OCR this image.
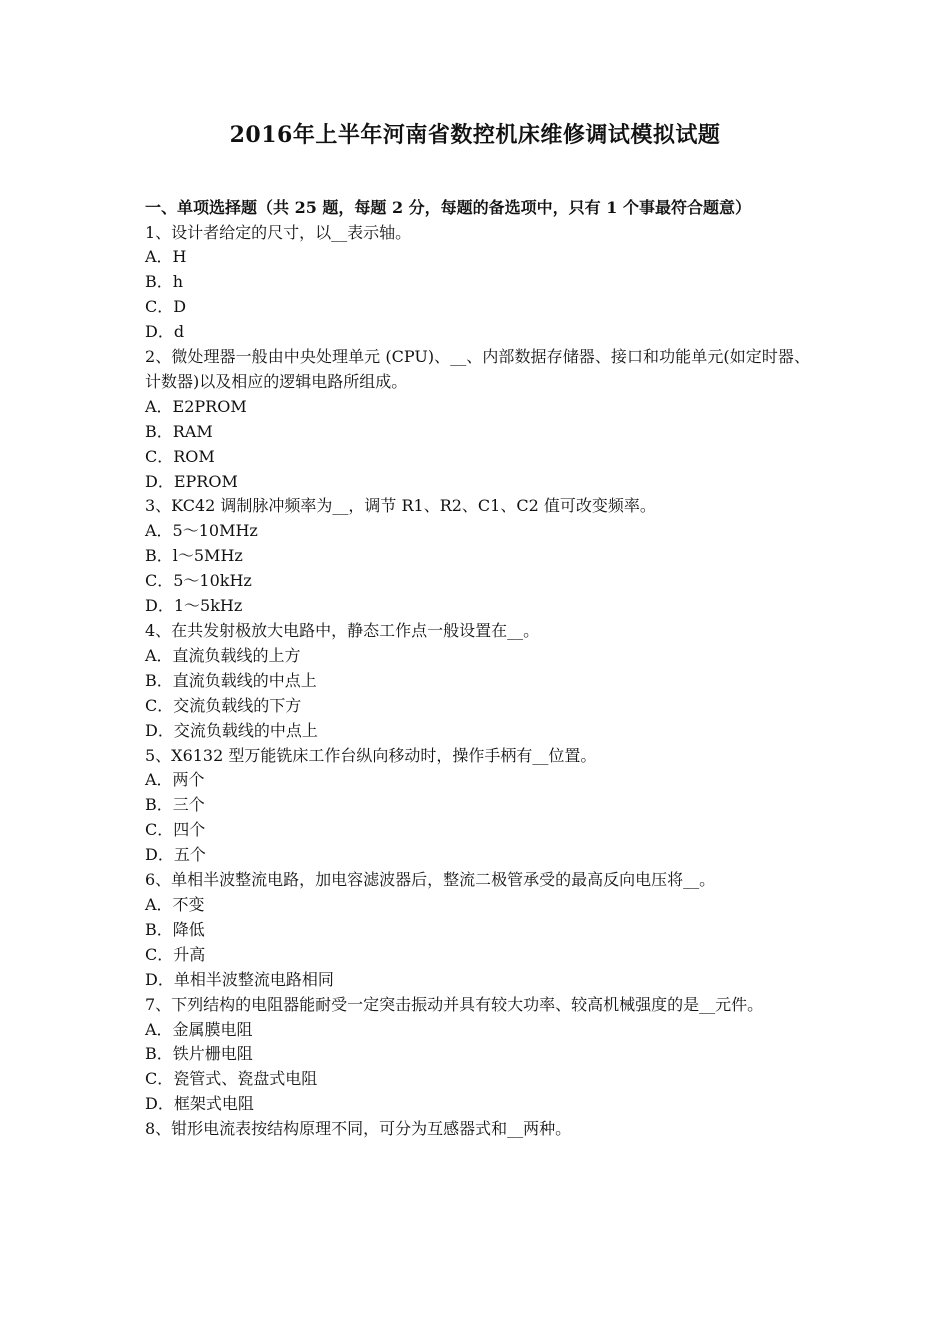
2016年上半年河南省数控机床维修调试模拟试题

一、单项选择题（共 25 题，每题 2 分，每题的备选项中，只有 1 个事最符合题意）

1、设计者给定的尺寸，以__表示轴。

A．H

B．h

C．D

D．d

2、微处理器一般由中央处理单元 (CPU)、__、内部数据存储器、接口和功能单元(如定时器、计数器)以及相应的逻辑电路所组成。

A．E2PROM

B．RAM

C．ROM

D．EPROM

3、KC42 调制脉冲频率为__，调节 R1、R2、C1、C2 值可改变频率。

A．5～10MHz

B．l～5MHz

C．5～10kHz

D．1～5kHz

4、在共发射极放大电路中，静态工作点一般设置在__。

A．直流负载线的上方

B．直流负载线的中点上

C．交流负载线的下方

D．交流负载线的中点上

5、X6132 型万能铣床工作台纵向移动时，操作手柄有__位置。

A．两个

B．三个

C．四个

D．五个

6、单相半波整流电路，加电容滤波器后，整流二极管承受的最高反向电压将__。

A．不变

B．降低

C．升高

D．单相半波整流电路相同

7、下列结构的电阻器能耐受一定突击振动并具有较大功率、较高机械强度的是__元件。

A．金属膜电阻

B．铁片栅电阻

C．瓷管式、瓷盘式电阻

D．框架式电阻

8、钳形电流表按结构原理不同，可分为互感器式和__两种。
